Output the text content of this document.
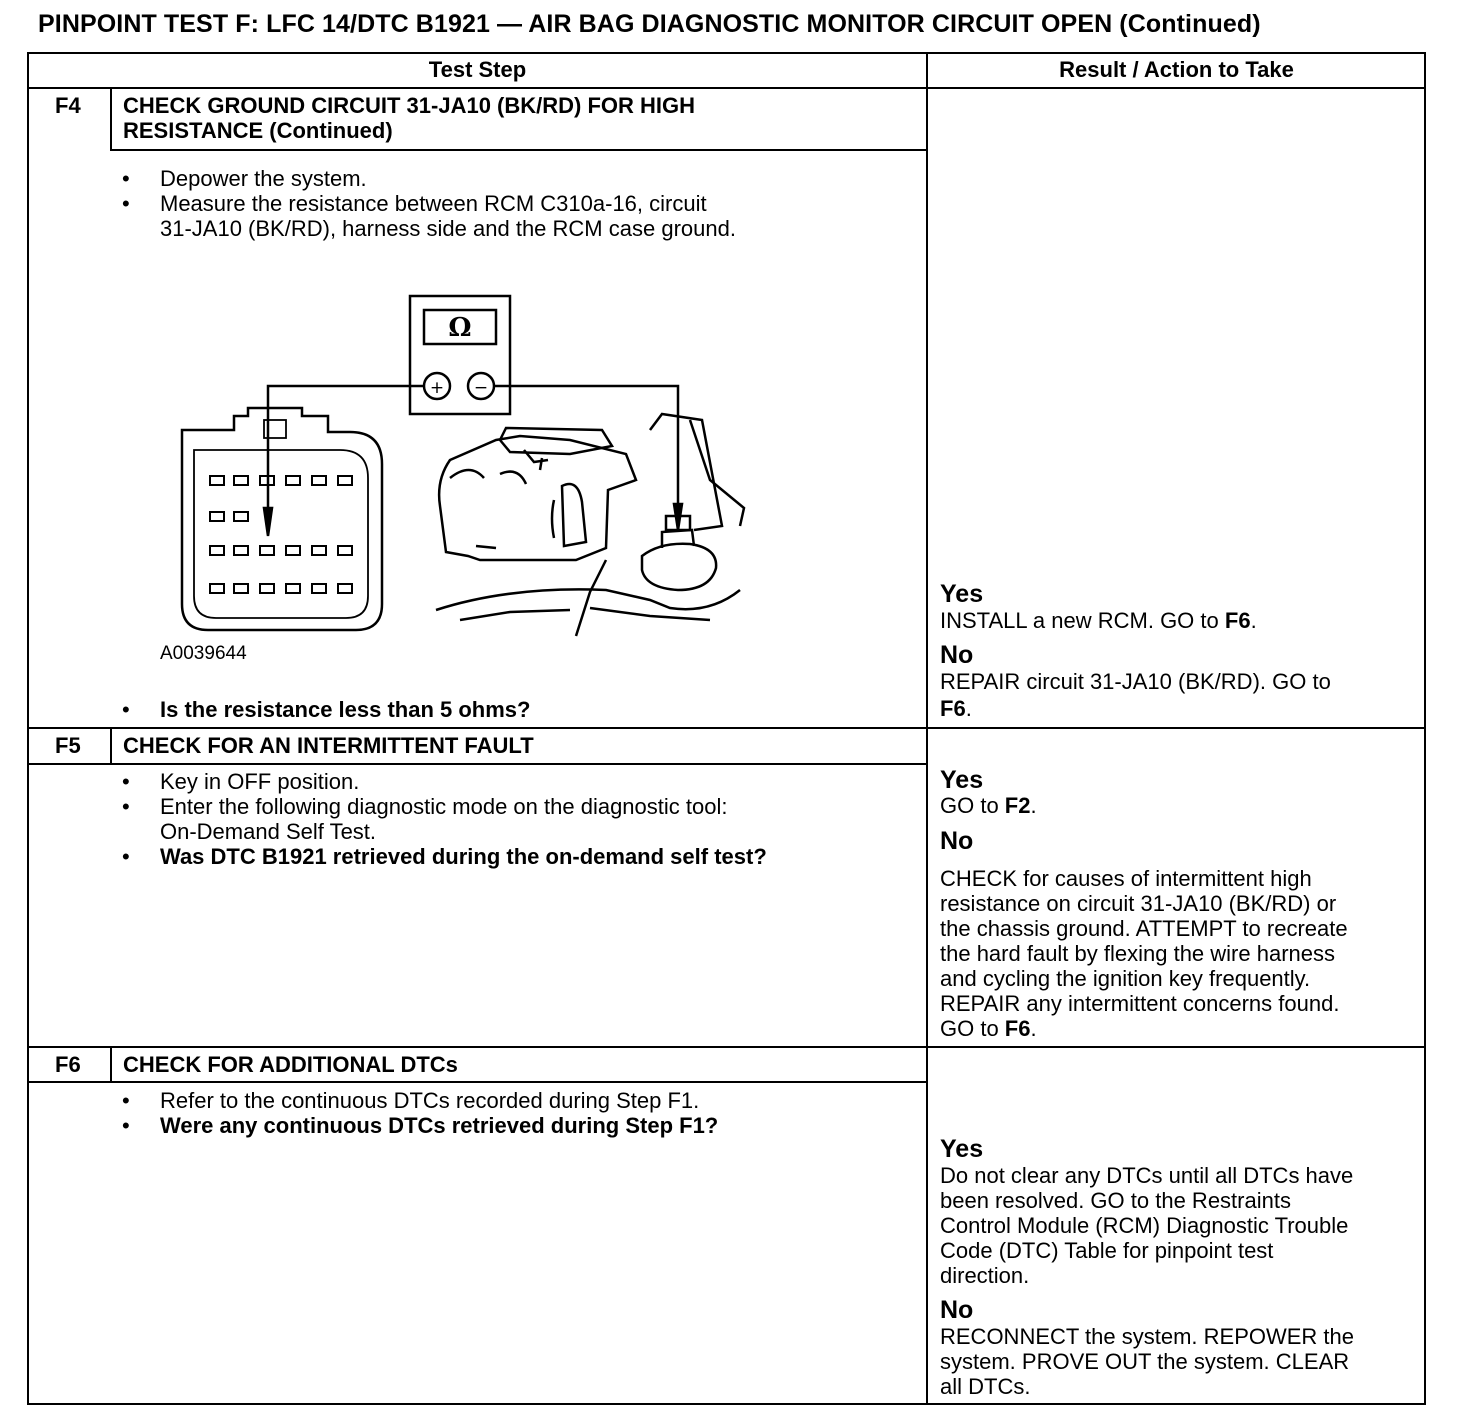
PINPOINT TEST F: LFC 14/DTC B1921 — AIR BAG DIAGNOSTIC MONITOR CIRCUIT OPEN (Continued)
Test Step	Result / Action to Take
F4 CHECK GROUND CIRCUIT 31-JA10 (BK/RD) FOR HIGH
RESISTANCE (Continued)
• Depower the system.
• Measure the resistance between RCM C310a-16, circuit
31-JA10 (BK/RD), harness side and the RCM case ground.
Ω
+ −
A0039644
• Is the resistance less than 5 ohms?
Yes
INSTALL a new RCM. GO to F6.
No
REPAIR circuit 31-JA10 (BK/RD). GO to
F6.
F5 CHECK FOR AN INTERMITTENT FAULT
• Key in OFF position.
• Enter the following diagnostic mode on the diagnostic tool:
On-Demand Self Test.
• Was DTC B1921 retrieved during the on-demand self test?
Yes
GO to F2.
No
CHECK for causes of intermittent high
resistance on circuit 31-JA10 (BK/RD) or
the chassis ground. ATTEMPT to recreate
the hard fault by flexing the wire harness
and cycling the ignition key frequently.
REPAIR any intermittent concerns found.
GO to F6.
F6 CHECK FOR ADDITIONAL DTCs
• Refer to the continuous DTCs recorded during Step F1.
• Were any continuous DTCs retrieved during Step F1?
Yes
Do not clear any DTCs until all DTCs have
been resolved. GO to the Restraints
Control Module (RCM) Diagnostic Trouble
Code (DTC) Table for pinpoint test
direction.
No
RECONNECT the system. REPOWER the
system. PROVE OUT the system. CLEAR
all DTCs.
